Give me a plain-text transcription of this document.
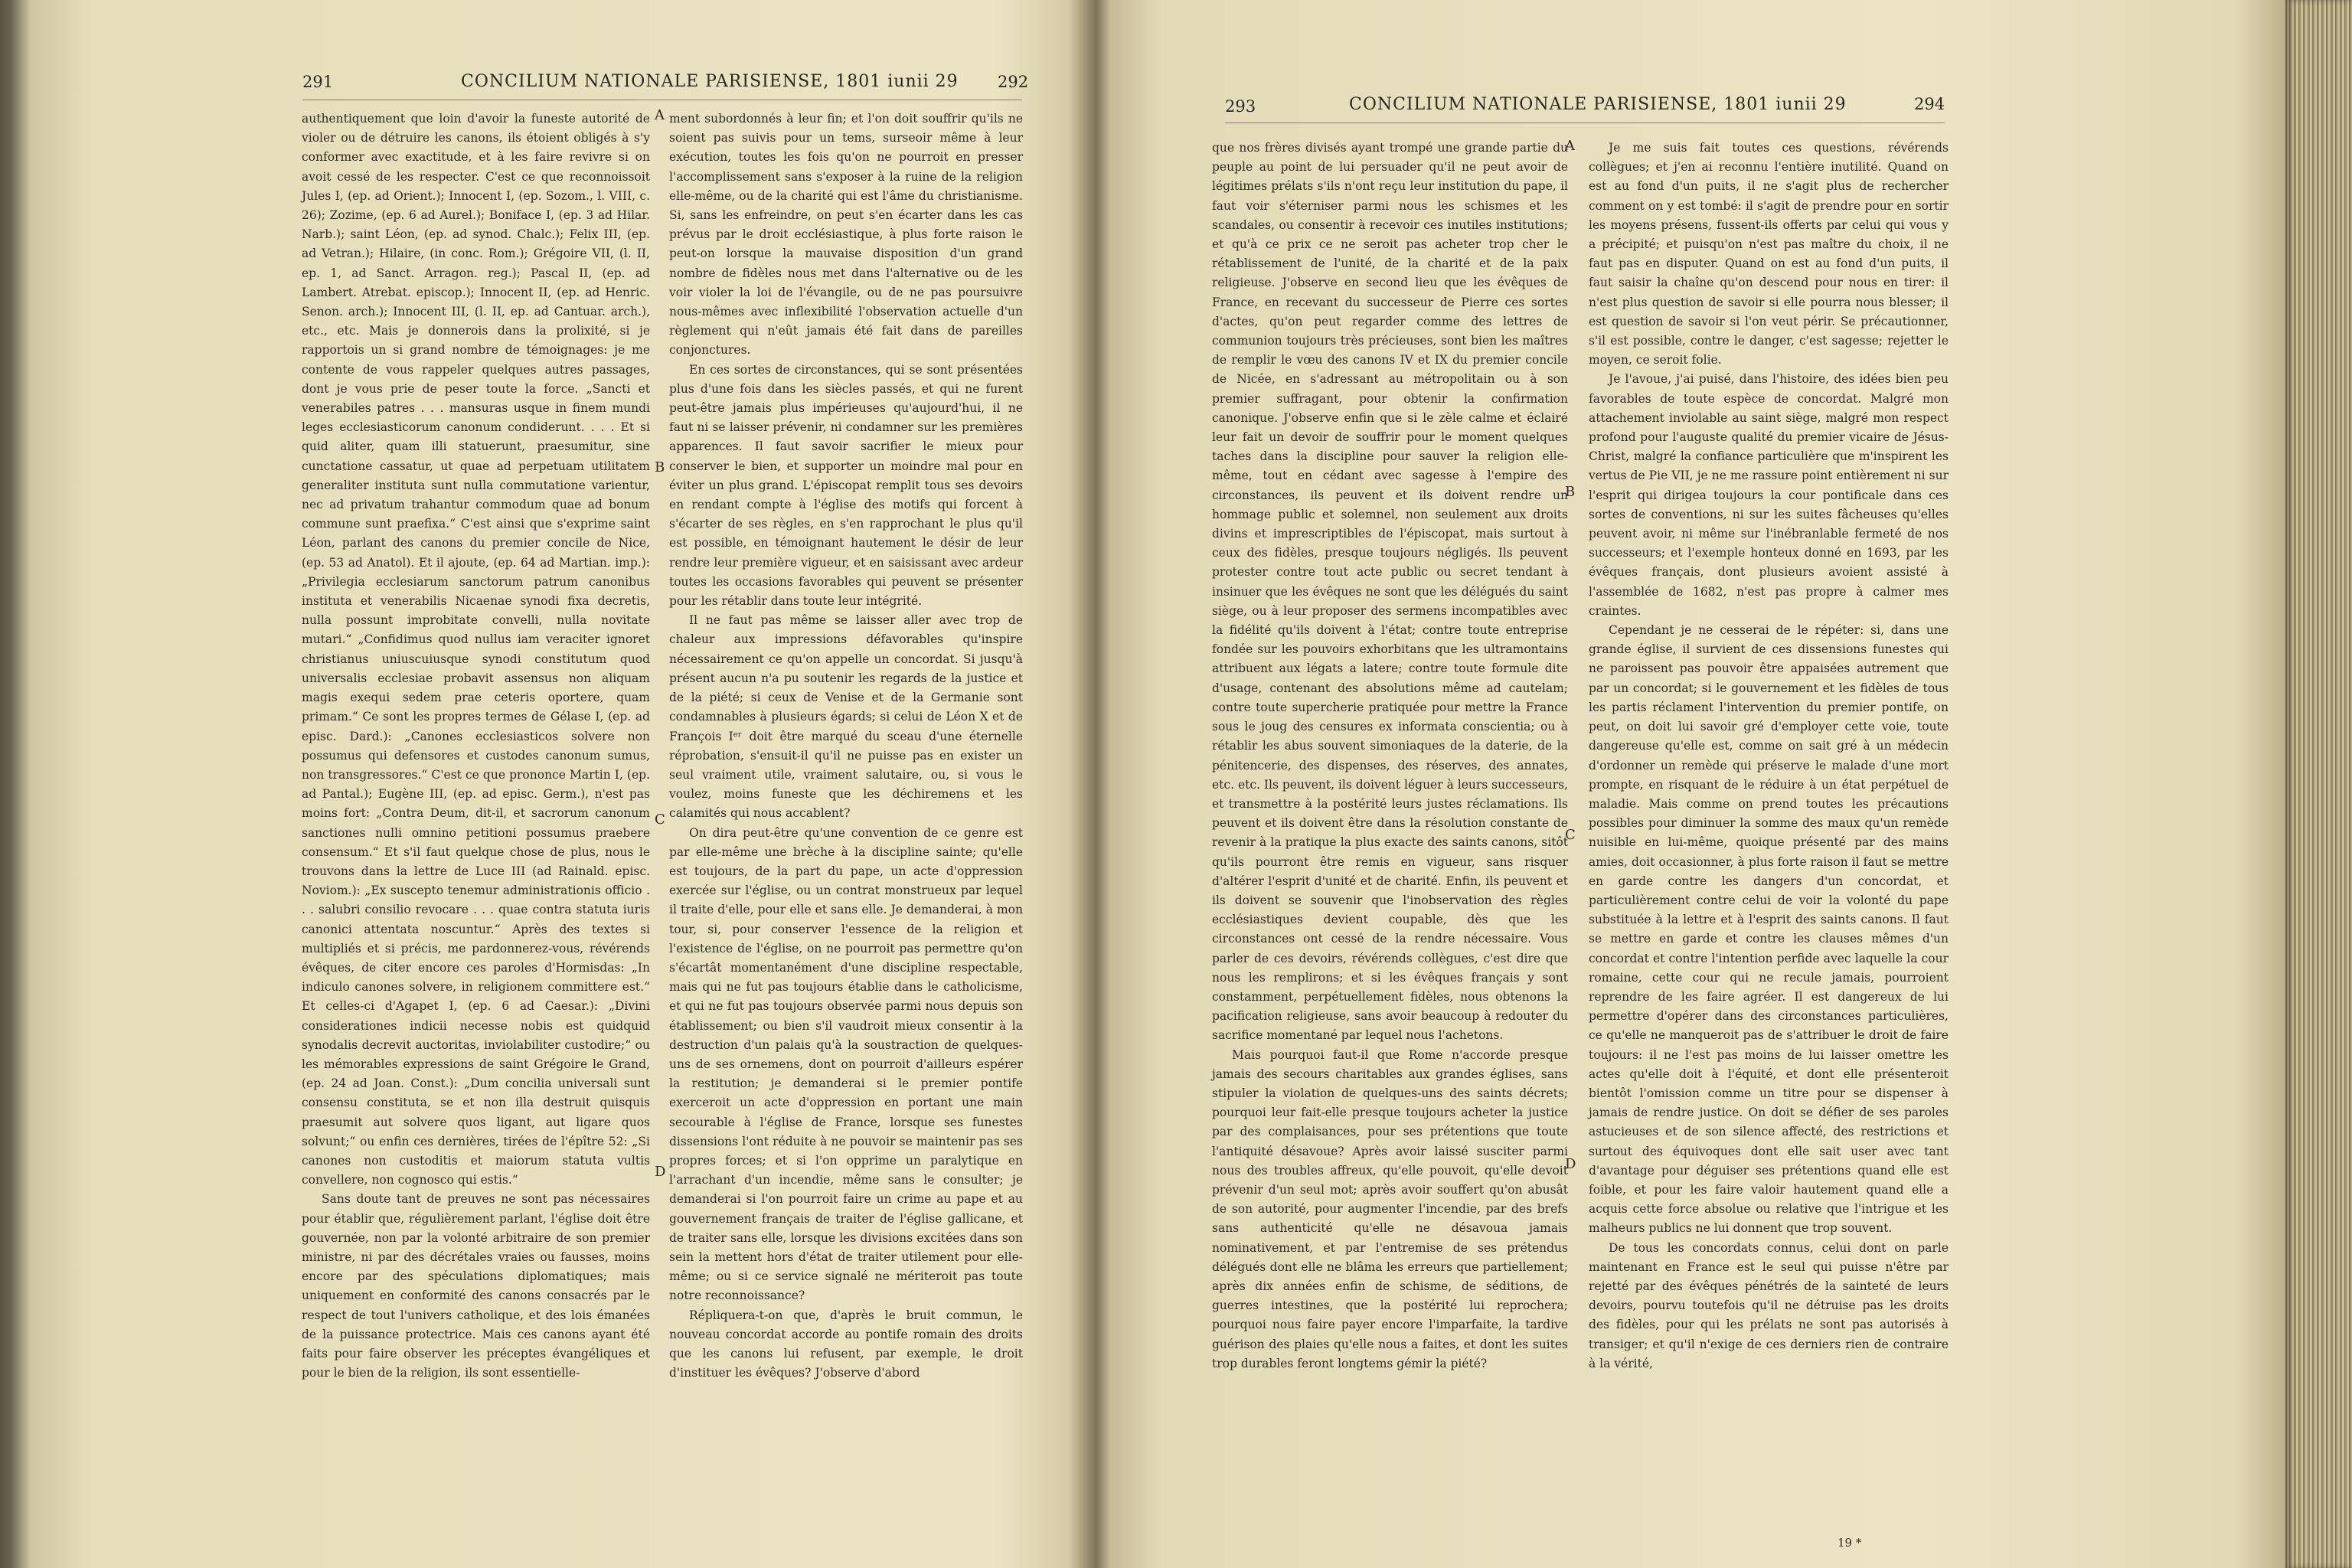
291	CONCILIUM NATIONALE PARISIENSE, 1801 iunii 29 292

authentiquement que loin d'avoir la funeste autorité de violer ou de détruire les canons, ils étoient obligés à s'y conformer avec exactitude, et à les faire revivre si on avoit cessé de les respecter. C'est ce que reconnoissoit Jules I, (ep. ad Orient.); Innocent I, (ep. Sozom., l. VIII, c. 26); Zozime, (ep. 6 ad Aurel.); Boniface I, (ep. 3 ad Hilar. Narb.); saint Léon, (ep. ad synod. Chalc.); Felix III, (ep. ad Vetran.); Hilaire, (in conc. Rom.); Grégoire VII, (l. II, ep. 1, ad Sanct. Arragon. reg.); Pascal II, (ep. ad Lambert. Atrebat. episcop.); Innocent II, (ep. ad Henric. Senon. arch.); Innocent III, (l. II, ep. ad Cantuar. arch.), etc., etc. Mais je donnerois dans la prolixité, si je rapportois un si grand nombre de témoignages: je me contente de vous rappeler quelques autres passages, dont je vous prie de peser toute la force. „Sancti et venerabiles patres . . . mansuras usque in finem mundi leges ecclesiasticorum canonum condiderunt. . . . Et si quid aliter, quam illi statuerunt, praesumitur, sine cunctatione cassatur, ut quae ad perpetuam utilitatem generaliter instituta sunt nulla commutatione varientur, nec ad privatum trahantur commodum quae ad bonum commune sunt praefixa.“ C'est ainsi que s'exprime saint Léon, parlant des canons du premier concile de Nice, (ep. 53 ad Anatol). Et il ajoute, (ep. 64 ad Martian. imp.): „Privilegia ecclesiarum sanctorum patrum canonibus instituta et venerabilis Nicaenae synodi fixa decretis, nulla possunt improbitate convelli, nulla novitate mutari.“ „Confidimus quod nullus iam veraciter ignoret christianus uniuscuiusque synodi constitutum quod universalis ecclesiae probavit assensus non aliquam magis exequi sedem prae ceteris oportere, quam primam.“ Ce sont les propres termes de Gélase I, (ep. ad episc. Dard.): „Canones ecclesiasticos solvere non possumus qui defensores et custodes canonum sumus, non transgressores.“ C'est ce que prononce Martin I, (ep. ad Pantal.); Eugène III, (ep. ad episc. Germ.), n'est pas moins fort: „Contra Deum, dit-il, et sacrorum canonum sanctiones nulli omnino petitioni possumus praebere consensum.“ Et s'il faut quelque chose de plus, nous le trouvons dans la lettre de Luce III (ad Rainald. episc. Noviom.): „Ex suscepto tenemur administrationis officio . . . salubri consilio revocare . . . quae contra statuta iuris canonici attentata noscuntur.“ Après des textes si multipliés et si précis, me pardonnerez-vous, révérends évêques, de citer encore ces paroles d'Hormisdas: „In indiculo canones solvere, in religionem committere est.“ Et celles-ci d'Agapet I, (ep. 6 ad Caesar.): „Divini considerationes indicii necesse nobis est quidquid synodalis decrevit auctoritas, inviolabiliter custodire;“ ou les mémorables expressions de saint Grégoire le Grand, (ep. 24 ad Joan. Const.): „Dum concilia universali sunt consensu constituta, se et non illa destruit quisquis praesumit aut solvere quos ligant, aut ligare quos solvunt;“ ou enfin ces dernières, tirées de l'épître 52: „Si canones non custoditis et maiorum statuta vultis convellere, non cognosco qui estis.“

Sans doute tant de preuves ne sont pas nécessaires pour établir que, régulièrement parlant, l'église doit être gouvernée, non par la volonté arbitraire de son premier ministre, ni par des décrétales vraies ou fausses, moins encore par des spéculations diplomatiques; mais uniquement en conformité des canons consacrés par le respect de tout l'univers catholique, et des lois émanées de la puissance protectrice. Mais ces canons ayant été faits pour faire observer les préceptes évangéliques et pour le bien de la religion, ils sont essentielle-

A
B
C
D

ment subordonnés à leur fin; et l'on doit souffrir qu'ils ne soient pas suivis pour un tems, surseoir même à leur exécution, toutes les fois qu'on ne pourroit en presser l'accomplissement sans s'exposer à la ruine de la religion elle-même, ou de la charité qui est l'âme du christianisme. Si, sans les enfreindre, on peut s'en écarter dans les cas prévus par le droit ecclésiastique, à plus forte raison le peut-on lorsque la mauvaise disposition d'un grand nombre de fidèles nous met dans l'alternative ou de les voir violer la loi de l'évangile, ou de ne pas poursuivre nous-mêmes avec inflexibilité l'observation actuelle d'un règlement qui n'eût jamais été fait dans de pareilles conjonctures.

En ces sortes de circonstances, qui se sont présentées plus d'une fois dans les siècles passés, et qui ne furent peut-être jamais plus impérieuses qu'aujourd'hui, il ne faut ni se laisser prévenir, ni condamner sur les premières apparences. Il faut savoir sacrifier le mieux pour conserver le bien, et supporter un moindre mal pour en éviter un plus grand. L'épiscopat remplit tous ses devoirs en rendant compte à l'église des motifs qui forcent à s'écarter de ses règles, en s'en rapprochant le plus qu'il est possible, en témoignant hautement le désir de leur rendre leur première vigueur, et en saisissant avec ardeur toutes les occasions favorables qui peuvent se présenter pour les rétablir dans toute leur intégrité.

Il ne faut pas même se laisser aller avec trop de chaleur aux impressions défavorables qu'inspire nécessairement ce qu'on appelle un concordat. Si jusqu'à présent aucun n'a pu soutenir les regards de la justice et de la piété; si ceux de Venise et de la Germanie sont condamnables à plusieurs égards; si celui de Léon X et de François Iᵉʳ doit être marqué du sceau d'une éternelle réprobation, s'ensuit-il qu'il ne puisse pas en exister un seul vraiment utile, vraiment salutaire, ou, si vous le voulez, moins funeste que les déchiremens et les calamités qui nous accablent?

On dira peut-être qu'une convention de ce genre est par elle-même une brèche à la discipline sainte; qu'elle est toujours, de la part du pape, un acte d'oppression exercée sur l'église, ou un contrat monstrueux par lequel il traite d'elle, pour elle et sans elle. Je demanderai, à mon tour, si, pour conserver l'essence de la religion et l'existence de l'église, on ne pourroit pas permettre qu'on s'écartât momentanément d'une discipline respectable, mais qui ne fut pas toujours établie dans le catholicisme, et qui ne fut pas toujours observée parmi nous depuis son établissement; ou bien s'il vaudroit mieux consentir à la destruction d'un palais qu'à la soustraction de quelques-uns de ses ornemens, dont on pourroit d'ailleurs espérer la restitution; je demanderai si le premier pontife exerceroit un acte d'oppression en portant une main secourable à l'église de France, lorsque ses funestes dissensions l'ont réduite à ne pouvoir se maintenir pas ses propres forces; et si l'on opprime un paralytique en l'arrachant d'un incendie, même sans le consulter; je demanderai si l'on pourroit faire un crime au pape et au gouvernement français de traiter de l'église gallicane, et de traiter sans elle, lorsque les divisions excitées dans son sein la mettent hors d'état de traiter utilement pour elle-même; ou si ce service signalé ne mériteroit pas toute notre reconnoissance?

Répliquera-t-on que, d'après le bruit commun, le nouveau concordat accorde au pontife romain des droits que les canons lui refusent, par exemple, le droit d'instituer les évêques? J'observe d'abord

293	CONCILIUM NATIONALE PARISIENSE, 1801 iunii 29	294

que nos frères divisés ayant trompé une grande partie du peuple au point de lui persuader qu'il ne peut avoir de légitimes prélats s'ils n'ont reçu leur institution du pape, il faut voir s'éterniser parmi nous les schismes et les scandales, ou consentir à recevoir ces inutiles institutions; et qu'à ce prix ce ne seroit pas acheter trop cher le rétablissement de l'unité, de la charité et de la paix religieuse. J'observe en second lieu que les évêques de France, en recevant du successeur de Pierre ces sortes d'actes, qu'on peut regarder comme des lettres de communion toujours très précieuses, sont bien les maîtres de remplir le vœu des canons IV et IX du premier concile de Nicée, en s'adressant au métropolitain ou à son premier suffragant, pour obtenir la confirmation canonique. J'observe enfin que si le zèle calme et éclairé leur fait un devoir de souffrir pour le moment quelques taches dans la discipline pour sauver la religion elle-même, tout en cédant avec sagesse à l'empire des circonstances, ils peuvent et ils doivent rendre un hommage public et solemnel, non seulement aux droits divins et imprescriptibles de l'épiscopat, mais surtout à ceux des fidèles, presque toujours négligés. Ils peuvent protester contre tout acte public ou secret tendant à insinuer que les évêques ne sont que les délégués du saint siège, ou à leur proposer des sermens incompatibles avec la fidélité qu'ils doivent à l'état; contre toute entreprise fondée sur les pouvoirs exhorbitans que les ultramontains attribuent aux légats a latere; contre toute formule dite d'usage, contenant des absolutions même ad cautelam; contre toute supercherie pratiquée pour mettre la France sous le joug des censures ex informata conscientia; ou à rétablir les abus souvent simoniaques de la daterie, de la pénitencerie, des dispenses, des réserves, des annates, etc. etc. Ils peuvent, ils doivent léguer à leurs successeurs, et transmettre à la postérité leurs justes réclamations. Ils peuvent et ils doivent être dans la résolution constante de revenir à la pratique la plus exacte des saints canons, sitôt qu'ils pourront être remis en vigueur, sans risquer d'altérer l'esprit d'unité et de charité. Enfin, ils peuvent et ils doivent se souvenir que l'inobservation des règles ecclésiastiques devient coupable, dès que les circonstances ont cessé de la rendre nécessaire. Vous parler de ces devoirs, révérends collègues, c'est dire que nous les remplirons; et si les évêques français y sont constamment, perpétuellement fidèles, nous obtenons la pacification religieuse, sans avoir beaucoup à redouter du sacrifice momentané par lequel nous l'achetons.

Mais pourquoi faut-il que Rome n'accorde presque jamais des secours charitables aux grandes églises, sans stipuler la violation de quelques-uns des saints décrets; pourquoi leur fait-elle presque toujours acheter la justice par des complaisances, pour ses prétentions que toute l'antiquité désavoue? Après avoir laissé susciter parmi nous des troubles affreux, qu'elle pouvoit, qu'elle devoit prévenir d'un seul mot; après avoir souffert qu'on abusât de son autorité, pour augmenter l'incendie, par des brefs sans authenticité qu'elle ne désavoua jamais nominativement, et par l'entremise de ses prétendus délégués dont elle ne blâma les erreurs que partiellement; après dix années enfin de schisme, de séditions, de guerres intestines, que la postérité lui reprochera; pourquoi nous faire payer encore l'imparfaite, la tardive guérison des plaies qu'elle nous a faites, et dont les suites trop durables feront longtems gémir la piété?

A
B
C
D

Je me suis fait toutes ces questions, révérends collègues; et j'en ai reconnu l'entière inutilité. Quand on est au fond d'un puits, il ne s'agit plus de rechercher comment on y est tombé: il s'agit de prendre pour en sortir les moyens présens, fussent-ils offerts par celui qui vous y a précipité; et puisqu'on n'est pas maître du choix, il ne faut pas en disputer. Quand on est au fond d'un puits, il faut saisir la chaîne qu'on descend pour nous en tirer: il n'est plus question de savoir si elle pourra nous blesser; il est question de savoir si l'on veut périr. Se précautionner, s'il est possible, contre le danger, c'est sagesse; rejetter le moyen, ce seroit folie.

Je l'avoue, j'ai puisé, dans l'histoire, des idées bien peu favorables de toute espèce de concordat. Malgré mon attachement inviolable au saint siège, malgré mon respect profond pour l'auguste qualité du premier vicaire de Jésus-Christ, malgré la confiance particulière que m'inspirent les vertus de Pie VII, je ne me rassure point entièrement ni sur l'esprit qui dirigea toujours la cour pontificale dans ces sortes de conventions, ni sur les suites fâcheuses qu'elles peuvent avoir, ni même sur l'inébranlable fermeté de nos successeurs; et l'exemple honteux donné en 1693, par les évêques français, dont plusieurs avoient assisté à l'assemblée de 1682, n'est pas propre à calmer mes craintes.

Cependant je ne cesserai de le répéter: si, dans une grande église, il survient de ces dissensions funestes qui ne paroissent pas pouvoir être appaisées autrement que par un concordat; si le gouvernement et les fidèles de tous les partis réclament l'intervention du premier pontife, on peut, on doit lui savoir gré d'employer cette voie, toute dangereuse qu'elle est, comme on sait gré à un médecin d'ordonner un remède qui préserve le malade d'une mort prompte, en risquant de le réduire à un état perpétuel de maladie. Mais comme on prend toutes les précautions possibles pour diminuer la somme des maux qu'un remède nuisible en lui-même, quoique présenté par des mains amies, doit occasionner, à plus forte raison il faut se mettre en garde contre les dangers d'un concordat, et particulièrement contre celui de voir la volonté du pape substituée à la lettre et à l'esprit des saints canons. Il faut se mettre en garde et contre les clauses mêmes d'un concordat et contre l'intention perfide avec laquelle la cour romaine, cette cour qui ne recule jamais, pourroient reprendre de les faire agréer. Il est dangereux de lui permettre d'opérer dans des circonstances particulières, ce qu'elle ne manqueroit pas de s'attribuer le droit de faire toujours: il ne l'est pas moins de lui laisser omettre les actes qu'elle doit à l'équité, et dont elle présenteroit bientôt l'omission comme un titre pour se dispenser à jamais de rendre justice. On doit se défier de ses paroles astucieuses et de son silence affecté, des restrictions et surtout des équivoques dont elle sait user avec tant d'avantage pour déguiser ses prétentions quand elle est foible, et pour les faire valoir hautement quand elle a acquis cette force absolue ou relative que l'intrigue et les malheurs publics ne lui donnent que trop souvent.

De tous les concordats connus, celui dont on parle maintenant en France est le seul qui puisse n'être par rejetté par des évêques pénétrés de la sainteté de leurs devoirs, pourvu toutefois qu'il ne détruise pas les droits des fidèles, pour qui les prélats ne sont pas autorisés à transiger; et qu'il n'exige de ces derniers rien de contraire à la vérité,

19 *
